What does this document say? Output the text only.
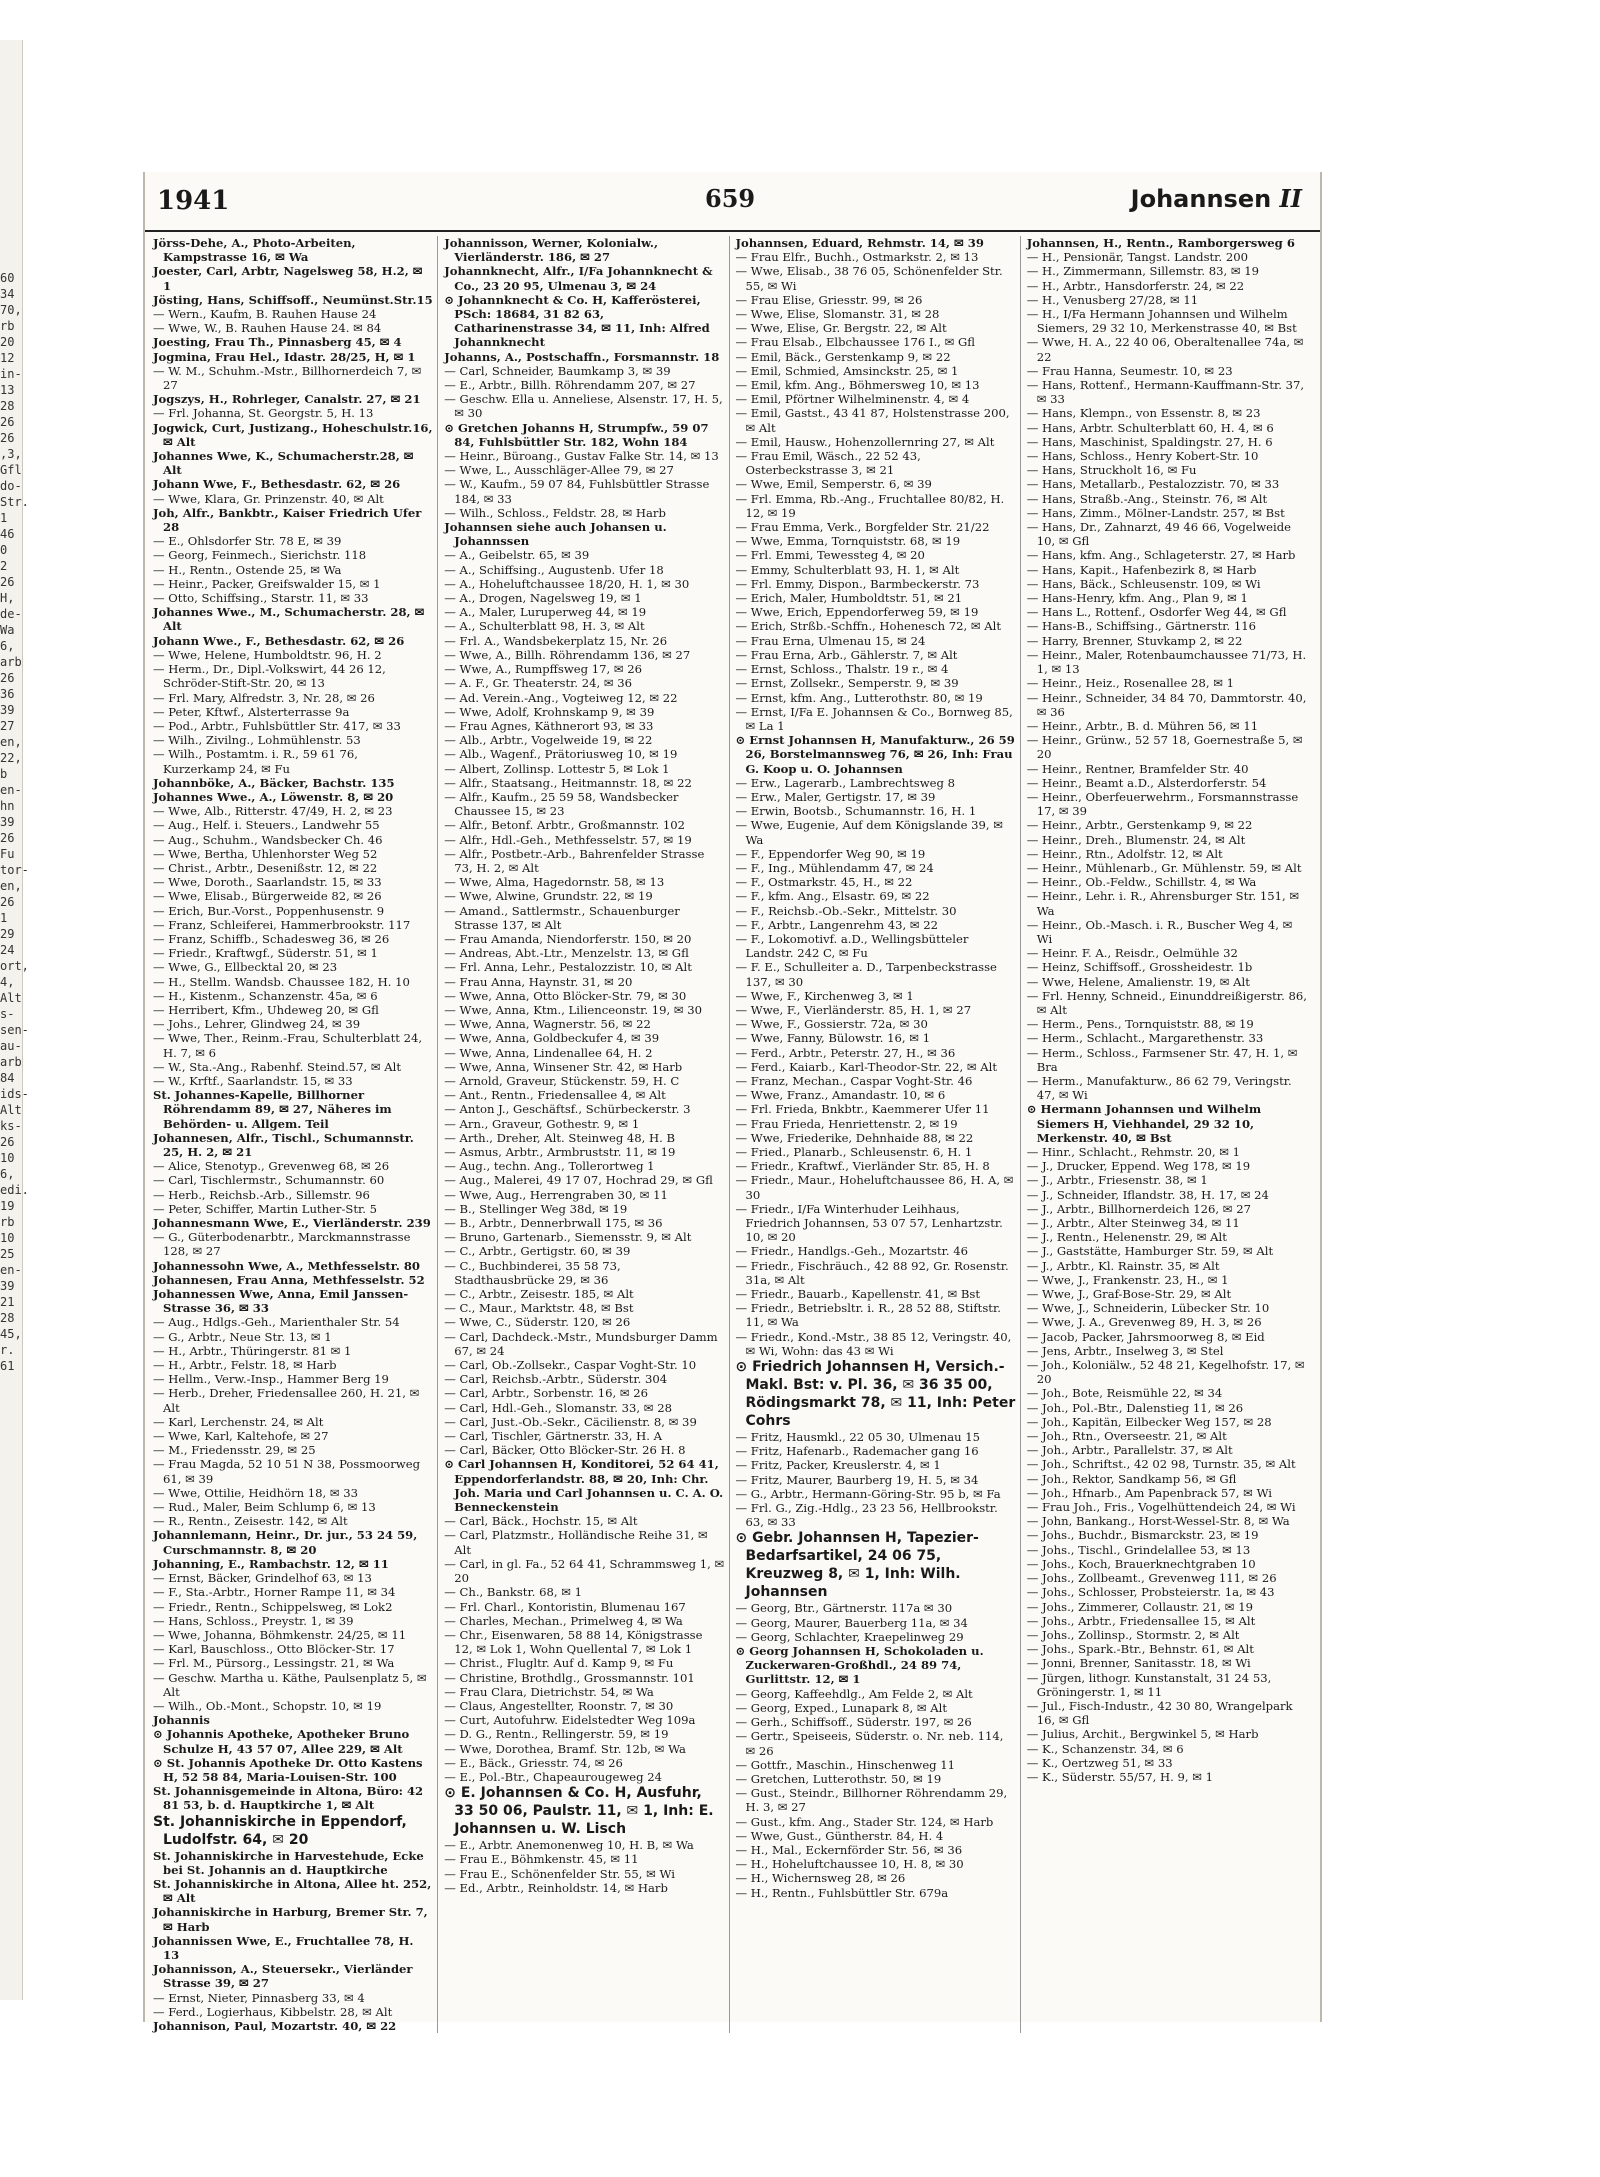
60
34
70,
rb
20
12
in-
13
28
26
26
,3,
Gfl
do-
Str.
1
46
0
2
26
H,
de-
Wa
6,
arb
26
36
39
27
en,
22,
b
en-
hn
39
26
Fu
tor-
en,
26
1
29
24
ort,
4,
Alt
s-
sen-
au-
arb
84
ids-
Alt
ks-
26
10
6,
edi.
19
rb
10
25
en-
39
21
28
45,
r.
61
1941	659	Johannsen II

Jörss-Dehe, A., Photo-Arbeiten, Kampstrasse 16, ✉ Wa

Joester, Carl, Arbtr, Nagelsweg 58, H.2, ✉ 1

Jösting, Hans, Schiffsoff., Neumünst.Str.15

— Wern., Kaufm, B. Rauhen Hause 24

— Wwe, W., B. Rauhen Hause 24. ✉ 84

Joesting, Frau Th., Pinnasberg 45, ✉ 4

Jogmina, Frau Hel., Idastr. 28/25, H, ✉ 1

— W. M., Schuhm.-Mstr., Billhornerdeich 7, ✉ 27

Jogszys, H., Rohrleger, Canalstr. 27, ✉ 21

— Frl. Johanna, St. Georgstr. 5, H. 13

Jogwick, Curt, Justizang., Hoheschulstr.16, ✉ Alt

Johannes Wwe, K., Schumacherstr.28, ✉ Alt

Johann Wwe, F., Bethesdastr. 62, ✉ 26

— Wwe, Klara, Gr. Prinzenstr. 40, ✉ Alt

Joh, Alfr., Bankbtr., Kaiser Friedrich Ufer 28

— E., Ohlsdorfer Str. 78 E, ✉ 39

— Georg, Feinmech., Sierichstr. 118

— H., Rentn., Ostende 25, ✉ Wa

— Heinr., Packer, Greifswalder 15, ✉ 1

— Otto, Schiffsing., Starstr. 11, ✉ 33

Johannes Wwe., M., Schumacherstr. 28, ✉ Alt

Johann Wwe., F., Bethesdastr. 62, ✉ 26

— Wwe, Helene, Humboldtstr. 96, H. 2

— Herm., Dr., Dipl.-Volkswirt, 44 26 12, Schröder-Stift-Str. 20, ✉ 13

— Frl. Mary, Alfredstr. 3, Nr. 28, ✉ 26

— Peter, Kftwf., Alsterterrasse 9a

— Pod., Arbtr., Fuhlsbüttler Str. 417, ✉ 33

— Wilh., Zivilng., Lohmühlenstr. 53

— Wilh., Postamtm. i. R., 59 61 76, Kurzerkamp 24, ✉ Fu

Johannböke, A., Bäcker, Bachstr. 135

Johannes Wwe., A., Löwenstr. 8, ✉ 20

— Wwe, Alb., Ritterstr. 47/49, H. 2, ✉ 23

— Aug., Helf. i. Steuers., Landwehr 55

— Aug., Schuhm., Wandsbecker Ch. 46

— Wwe, Bertha, Uhlenhorster Weg 52

— Christ., Arbtr., Desenißstr. 12, ✉ 22

— Wwe, Doroth., Saarlandstr. 15, ✉ 33

— Wwe, Elisab., Bürgerweide 82, ✉ 26

— Erich, Bur.-Vorst., Poppenhusenstr. 9

— Franz, Schleiferei, Hammerbrookstr. 117

— Franz, Schiffb., Schadesweg 36, ✉ 26

— Friedr., Kraftwgf., Süderstr. 51, ✉ 1

— Wwe, G., Ellbecktal 20, ✉ 23

— H., Stellm. Wandsb. Chaussee 182, H. 10

— H., Kistenm., Schanzenstr. 45a, ✉ 6

— Herribert, Kfm., Uhdeweg 20, ✉ Gfl

— Johs., Lehrer, Glindweg 24, ✉ 39

— Wwe, Ther., Reinm.-Frau, Schulterblatt 24, H. 7, ✉ 6

— W., Sta.-Ang., Rabenhf. Steind.57, ✉ Alt

— W., Krftf., Saarlandstr. 15, ✉ 33

St. Johannes-Kapelle, Billhorner Röhrendamm 89, ✉ 27, Näheres im Behörden- u. Allgem. Teil

Johannesen, Alfr., Tischl., Schumannstr. 25, H. 2, ✉ 21

— Alice, Stenotyp., Grevenweg 68, ✉ 26

— Carl, Tischlermstr., Schumannstr. 60

— Herb., Reichsb.-Arb., Sillemstr. 96

— Peter, Schiffer, Martin Luther-Str. 5

Johannesmann Wwe, E., Vierländerstr. 239

— G., Güterbodenarbtr., Marckmannstrasse 128, ✉ 27

Johannessohn Wwe, A., Methfesselstr. 80

Johannesen, Frau Anna, Methfesselstr. 52

Johannessen Wwe, Anna, Emil Janssen-Strasse 36, ✉ 33

— Aug., Hdlgs.-Geh., Marienthaler Str. 54

— G., Arbtr., Neue Str. 13, ✉ 1

— H., Arbtr., Thüringerstr. 81 ✉ 1

— H., Arbtr., Felstr. 18, ✉ Harb

— Hellm., Verw.-Insp., Hammer Berg 19

— Herb., Dreher, Friedensallee 260, H. 21, ✉ Alt

— Karl, Lerchenstr. 24, ✉ Alt

— Wwe, Karl, Kaltehofe, ✉ 27

— M., Friedensstr. 29, ✉ 25

— Frau Magda, 52 10 51 N 38, Possmoorweg 61, ✉ 39

— Wwe, Ottilie, Heidhörn 18, ✉ 33

— Rud., Maler, Beim Schlump 6, ✉ 13

— R., Rentn., Zeisestr. 142, ✉ Alt

Johannlemann, Heinr., Dr. jur., 53 24 59, Curschmannstr. 8, ✉ 20

Johanning, E., Rambachstr. 12, ✉ 11

— Ernst, Bäcker, Grindelhof 63, ✉ 13

— F., Sta.-Arbtr., Horner Rampe 11, ✉ 34

— Friedr., Rentn., Schippelsweg, ✉ Lok2

— Hans, Schloss., Preystr. 1, ✉ 39

— Wwe, Johanna, Böhmkenstr. 24/25, ✉ 11

— Karl, Bauschloss., Otto Blöcker-Str. 17

— Frl. M., Pürsorg., Lessingstr. 21, ✉ Wa

— Geschw. Martha u. Käthe, Paulsenplatz 5, ✉ Alt

— Wilh., Ob.-Mont., Schopstr. 10, ✉ 19

Johannis

⊙ Johannis Apotheke, Apotheker Bruno Schulze H, 43 57 07, Allee 229, ✉ Alt

⊙ St. Johannis Apotheke Dr. Otto Kastens H, 52 58 84, Maria-Louisen-Str. 100

St. Johannisgemeinde in Altona, Büro: 42 81 53, b. d. Hauptkirche 1, ✉ Alt

St. Johanniskirche in Eppendorf, Ludolfstr. 64, ✉ 20

St. Johanniskirche in Harvestehude, Ecke bei St. Johannis an d. Hauptkirche

St. Johanniskirche in Altona, Allee ht. 252, ✉ Alt

Johanniskirche in Harburg, Bremer Str. 7, ✉ Harb

Johannissen Wwe, E., Fruchtallee 78, H. 13

Johannisson, A., Steuersekr., Vierländer Strasse 39, ✉ 27

— Ernst, Nieter, Pinnasberg 33, ✉ 4

— Ferd., Logierhaus, Kibbelstr. 28, ✉ Alt

Johannison, Paul, Mozartstr. 40, ✉ 22

Johannisson, Werner, Kolonialw., Vierländerstr. 186, ✉ 27

Johannknecht, Alfr., I/Fa Johannknecht & Co., 23 20 95, Ulmenau 3, ✉ 24

⊙ Johannknecht & Co. H, Kafferösterei, PSch: 18684, 31 82 63, Catharinenstrasse 34, ✉ 11, Inh: Alfred Johannknecht

Johanns, A., Postschaffn., Forsmannstr. 18

— Carl, Schneider, Baumkamp 3, ✉ 39

— E., Arbtr., Billh. Röhrendamm 207, ✉ 27

— Geschw. Ella u. Anneliese, Alsenstr. 17, H. 5, ✉ 30

⊙ Gretchen Johanns H, Strumpfw., 59 07 84, Fuhlsbüttler Str. 182, Wohn 184

— Heinr., Büroang., Gustav Falke Str. 14, ✉ 13

— Wwe, L., Ausschläger-Allee 79, ✉ 27

— W., Kaufm., 59 07 84, Fuhlsbüttler Strasse 184, ✉ 33

— Wilh., Schloss., Feldstr. 28, ✉ Harb

Johannsen siehe auch Johansen u. Johannssen

— A., Geibelstr. 65, ✉ 39

— A., Schiffsing., Augustenb. Ufer 18

— A., Hoheluftchaussee 18/20, H. 1, ✉ 30

— A., Drogen, Nagelsweg 19, ✉ 1

— A., Maler, Luruperweg 44, ✉ 19

— A., Schulterblatt 98, H. 3, ✉ Alt

— Frl. A., Wandsbekerplatz 15, Nr. 26

— Wwe, A., Billh. Röhrendamm 136, ✉ 27

— Wwe, A., Rumpffsweg 17, ✉ 26

— A. F., Gr. Theaterstr. 24, ✉ 36

— Ad. Verein.-Ang., Vogteiweg 12, ✉ 22

— Wwe, Adolf, Krohnskamp 9, ✉ 39

— Frau Agnes, Käthnerort 93, ✉ 33

— Alb., Arbtr., Vogelweide 19, ✉ 22

— Alb., Wagenf., Prätoriusweg 10, ✉ 19

— Albert, Zollinsp. Lottestr 5, ✉ Lok 1

— Alfr., Staatsang., Heitmannstr. 18, ✉ 22

— Alfr., Kaufm., 25 59 58, Wandsbecker Chaussee 15, ✉ 23

— Alfr., Betonf. Arbtr., Großmannstr. 102

— Alfr., Hdl.-Geh., Methfesselstr. 57, ✉ 19

— Alfr., Postbetr.-Arb., Bahrenfelder Strasse 73, H. 2, ✉ Alt

— Wwe, Alma, Hagedornstr. 58, ✉ 13

— Wwe, Alwine, Grundstr. 22, ✉ 19

— Amand., Sattlermstr., Schauenburger Strasse 137, ✉ Alt

— Frau Amanda, Niendorferstr. 150, ✉ 20

— Andreas, Abt.-Ltr., Menzelstr. 13, ✉ Gfl

— Frl. Anna, Lehr., Pestalozzistr. 10, ✉ Alt

— Frau Anna, Haynstr. 31, ✉ 20

— Wwe, Anna, Otto Blöcker-Str. 79, ✉ 30

— Wwe, Anna, Ktm., Lilienceonstr. 19, ✉ 30

— Wwe, Anna, Wagnerstr. 56, ✉ 22

— Wwe, Anna, Goldbeckufer 4, ✉ 39

— Wwe, Anna, Lindenallee 64, H. 2

— Wwe, Anna, Winsener Str. 42, ✉ Harb

— Arnold, Graveur, Stückenstr. 59, H. C

— Ant., Rentn., Friedensallee 4, ✉ Alt

— Anton J., Geschäftsf., Schürbeckerstr. 3

— Arn., Graveur, Gothestr. 9, ✉ 1

— Arth., Dreher, Alt. Steinweg 48, H. B

— Asmus, Arbtr., Armbruststr. 11, ✉ 19

— Aug., techn. Ang., Tollerortweg 1

— Aug., Malerei, 49 17 07, Hochrad 29, ✉ Gfl

— Wwe, Aug., Herrengraben 30, ✉ 11

— B., Stellinger Weg 38d, ✉ 19

— B., Arbtr., Dennerbrwall 175, ✉ 36

— Bruno, Gartenarb., Siemensstr. 9, ✉ Alt

— C., Arbtr., Gertigstr. 60, ✉ 39

— C., Buchbinderei, 35 58 73, Stadthausbrücke 29, ✉ 36

— C., Arbtr., Zeisestr. 185, ✉ Alt

— C., Maur., Marktstr. 48, ✉ Bst

— Wwe, C., Süderstr. 120, ✉ 26

— Carl, Dachdeck.-Mstr., Mundsburger Damm 67, ✉ 24

— Carl, Ob.-Zollsekr., Caspar Voght-Str. 10

— Carl, Reichsb.-Arbtr., Süderstr. 304

— Carl, Arbtr., Sorbenstr. 16, ✉ 26

— Carl, Hdl.-Geh., Slomanstr. 33, ✉ 28

— Carl, Just.-Ob.-Sekr., Cäcilienstr. 8, ✉ 39

— Carl, Tischler, Gärtnerstr. 33, H. A

— Carl, Bäcker, Otto Blöcker-Str. 26 H. 8

⊙ Carl Johannsen H, Konditorei, 52 64 41, Eppendorferlandstr. 88, ✉ 20, Inh: Chr. Joh. Maria und Carl Johannsen u. C. A. O. Benneckenstein

— Carl, Bäck., Hochstr. 15, ✉ Alt

— Carl, Platzmstr., Holländische Reihe 31, ✉ Alt

— Carl, in gl. Fa., 52 64 41, Schrammsweg 1, ✉ 20

— Ch., Bankstr. 68, ✉ 1

— Frl. Charl., Kontoristin, Blumenau 167

— Charles, Mechan., Primelweg 4, ✉ Wa

— Chr., Eisenwaren, 58 88 14, Königstrasse 12, ✉ Lok 1, Wohn Quellental 7, ✉ Lok 1

— Christ., Flugltr. Auf d. Kamp 9, ✉ Fu

— Christine, Brothdlg., Grossmannstr. 101

— Frau Clara, Dietrichstr. 54, ✉ Wa

— Claus, Angestellter, Roonstr. 7, ✉ 30

— Curt, Autofuhrw. Eidelstedter Weg 109a

— D. G., Rentn., Rellingerstr. 59, ✉ 19

— Wwe, Dorothea, Bramf. Str. 12b, ✉ Wa

— E., Bäck., Griesstr. 74, ✉ 26

— E., Pol.-Btr., Chapeaurougeweg 24

⊙ E. Johannsen & Co. H, Ausfuhr, 33 50 06, Paulstr. 11, ✉ 1, Inh: E. Johannsen u. W. Lisch

— E., Arbtr. Anemonenweg 10, H. B, ✉ Wa

— Frau E., Böhmkenstr. 45, ✉ 11

— Frau E., Schönenfelder Str. 55, ✉ Wi

— Ed., Arbtr., Reinholdstr. 14, ✉ Harb

Johannsen, Eduard, Rehmstr. 14, ✉ 39

— Frau Elfr., Buchh., Ostmarkstr. 2, ✉ 13

— Wwe, Elisab., 38 76 05, Schönenfelder Str. 55, ✉ Wi

— Frau Elise, Griesstr. 99, ✉ 26

— Wwe, Elise, Slomanstr. 31, ✉ 28

— Wwe, Elise, Gr. Bergstr. 22, ✉ Alt

— Frau Elsab., Elbchaussee 176 I., ✉ Gfl

— Emil, Bäck., Gerstenkamp 9, ✉ 22

— Emil, Schmied, Amsinckstr. 25, ✉ 1

— Emil, kfm. Ang., Böhmersweg 10, ✉ 13

— Emil, Pförtner Wilhelminenstr. 4, ✉ 4

— Emil, Gastst., 43 41 87, Holstenstrasse 200, ✉ Alt

— Emil, Hausw., Hohenzollernring 27, ✉ Alt

— Frau Emil, Wäsch., 22 52 43, Osterbeckstrasse 3, ✉ 21

— Wwe, Emil, Semperstr. 6, ✉ 39

— Frl. Emma, Rb.-Ang., Fruchtallee 80/82, H. 12, ✉ 19

— Frau Emma, Verk., Borgfelder Str. 21/22

— Wwe, Emma, Tornquiststr. 68, ✉ 19

— Frl. Emmi, Tewessteg 4, ✉ 20

— Emmy, Schulterblatt 93, H. 1, ✉ Alt

— Frl. Emmy, Dispon., Barmbeckerstr. 73

— Erich, Maler, Humboldtstr. 51, ✉ 21

— Wwe, Erich, Eppendorferweg 59, ✉ 19

— Erich, Strßb.-Schffn., Hohenesch 72, ✉ Alt

— Frau Erna, Ulmenau 15, ✉ 24

— Frau Erna, Arb., Gählerstr. 7, ✉ Alt

— Ernst, Schloss., Thalstr. 19 r., ✉ 4

— Ernst, Zollsekr., Semperstr. 9, ✉ 39

— Ernst, kfm. Ang., Lutterothstr. 80, ✉ 19

— Ernst, I/Fa E. Johannsen & Co., Bornweg 85, ✉ La 1

⊙ Ernst Johannsen H, Manufakturw., 26 59 26, Borstelmannsweg 76, ✉ 26, Inh: Frau G. Koop u. O. Johannsen

— Erw., Lagerarb., Lambrechtsweg 8

— Erw., Maler, Gertigstr. 17, ✉ 39

— Erwin, Bootsb., Schumannstr. 16, H. 1

— Wwe, Eugenie, Auf dem Königslande 39, ✉ Wa

— F., Eppendorfer Weg 90, ✉ 19

— F., Ing., Mühlendamm 47, ✉ 24

— F., Ostmarkstr. 45, H., ✉ 22

— F., kfm. Ang., Elsastr. 69, ✉ 22

— F., Reichsb.-Ob.-Sekr., Mittelstr. 30

— F., Arbtr., Langenrehm 43, ✉ 22

— F., Lokomotivf. a.D., Wellingsbütteler Landstr. 242 C, ✉ Fu

— F. E., Schulleiter a. D., Tarpenbeckstrasse 137, ✉ 30

— Wwe, F., Kirchenweg 3, ✉ 1

— Wwe, F., Vierländerstr. 85, H. 1, ✉ 27

— Wwe, F., Gossierstr. 72a, ✉ 30

— Wwe, Fanny, Bülowstr. 16, ✉ 1

— Ferd., Arbtr., Peterstr. 27, H., ✉ 36

— Ferd., Kaiarb., Karl-Theodor-Str. 22, ✉ Alt

— Franz, Mechan., Caspar Voght-Str. 46

— Wwe, Franz., Amandastr. 10, ✉ 6

— Frl. Frieda, Bnkbtr., Kaemmerer Ufer 11

— Frau Frieda, Henriettenstr. 2, ✉ 19

— Wwe, Friederike, Dehnhaide 88, ✉ 22

— Fried., Planarb., Schleusenstr. 6, H. 1

— Friedr., Kraftwf., Vierländer Str. 85, H. 8

— Friedr., Maur., Hoheluftchaussee 86, H. A, ✉ 30

— Friedr., I/Fa Winterhuder Leihhaus, Friedrich Johannsen, 53 07 57, Lenhartzstr. 10, ✉ 20

— Friedr., Handlgs.-Geh., Mozartstr. 46

— Friedr., Fischräuch., 42 88 92, Gr. Rosenstr. 31a, ✉ Alt

— Friedr., Bauarb., Kapellenstr. 41, ✉ Bst

— Friedr., Betriebsltr. i. R., 28 52 88, Stiftstr. 11, ✉ Wa

— Friedr., Kond.-Mstr., 38 85 12, Veringstr. 40, ✉ Wi, Wohn: das 43 ✉ Wi

⊙ Friedrich Johannsen H, Versich.-Makl. Bst: v. Pl. 36, ✉ 36 35 00, Rödingsmarkt 78, ✉ 11, Inh: Peter Cohrs

— Fritz, Hausmkl., 22 05 30, Ulmenau 15

— Fritz, Hafenarb., Rademacher gang 16

— Fritz, Packer, Kreuslerstr. 4, ✉ 1

— Fritz, Maurer, Baurberg 19, H. 5, ✉ 34

— G., Arbtr., Hermann-Göring-Str. 95 b, ✉ Fa

— Frl. G., Zig.-Hdlg., 23 23 56, Hellbrookstr. 63, ✉ 33

⊙ Gebr. Johannsen H, Tapezier-Bedarfsartikel, 24 06 75, Kreuzweg 8, ✉ 1, Inh: Wilh. Johannsen

— Georg, Btr., Gärtnerstr. 117a ✉ 30

— Georg, Maurer, Bauerberg 11a, ✉ 34

— Georg, Schlachter, Kraepelinweg 29

⊙ Georg Johannsen H, Schokoladen u. Zuckerwaren-Großhdl., 24 89 74, Gurlittstr. 12, ✉ 1

— Georg, Kaffeehdlg., Am Felde 2, ✉ Alt

— Georg, Exped., Lunapark 8, ✉ Alt

— Gerh., Schiffsoff., Süderstr. 197, ✉ 26

— Gertr., Speiseeis, Süderstr. o. Nr. neb. 114, ✉ 26

— Gottfr., Maschin., Hinschenweg 11

— Gretchen, Lutterothstr. 50, ✉ 19

— Gust., Steindr., Billhorner Röhrendamm 29, H. 3, ✉ 27

— Gust., kfm. Ang., Stader Str. 124, ✉ Harb

— Wwe, Gust., Güntherstr. 84, H. 4

— H., Mal., Eckernförder Str. 56, ✉ 36

— H., Hoheluftchaussee 10, H. 8, ✉ 30

— H., Wichernsweg 28, ✉ 26

— H., Rentn., Fuhlsbüttler Str. 679a

Johannsen, H., Rentn., Ramborgersweg 6

— H., Pensionär, Tangst. Landstr. 200

— H., Zimmermann, Sillemstr. 83, ✉ 19

— H., Arbtr., Hansdorferstr. 24, ✉ 22

— H., Venusberg 27/28, ✉ 11

— H., I/Fa Hermann Johannsen und Wilhelm Siemers, 29 32 10, Merkenstrasse 40, ✉ Bst

— Wwe, H. A., 22 40 06, Oberaltenallee 74a, ✉ 22

— Frau Hanna, Seumestr. 10, ✉ 23

— Hans, Rottenf., Hermann-Kauffmann-Str. 37, ✉ 33

— Hans, Klempn., von Essenstr. 8, ✉ 23

— Hans, Arbtr. Schulterblatt 60, H. 4, ✉ 6

— Hans, Maschinist, Spaldingstr. 27, H. 6

— Hans, Schloss., Henry Kobert-Str. 10

— Hans, Struckholt 16, ✉ Fu

— Hans, Metallarb., Pestalozzistr. 70, ✉ 33

— Hans, Straßb.-Ang., Steinstr. 76, ✉ Alt

— Hans, Zimm., Mölner-Landstr. 257, ✉ Bst

— Hans, Dr., Zahnarzt, 49 46 66, Vogelweide 10, ✉ Gfl

— Hans, kfm. Ang., Schlageterstr. 27, ✉ Harb

— Hans, Kapit., Hafenbezirk 8, ✉ Harb

— Hans, Bäck., Schleusenstr. 109, ✉ Wi

— Hans-Henry, kfm. Ang., Plan 9, ✉ 1

— Hans L., Rottenf., Osdorfer Weg 44, ✉ Gfl

— Hans-B., Schiffsing., Gärtnerstr. 116

— Harry, Brenner, Stuvkamp 2, ✉ 22

— Heinr., Maler, Rotenbaumchaussee 71/73, H. 1, ✉ 13

— Heinr., Heiz., Rosenallee 28, ✉ 1

— Heinr., Schneider, 34 84 70, Dammtorstr. 40, ✉ 36

— Heinr., Arbtr., B. d. Mühren 56, ✉ 11

— Heinr., Grünw., 52 57 18, Goernestraße 5, ✉ 20

— Heinr., Rentner, Bramfelder Str. 40

— Heinr., Beamt a.D., Alsterdorferstr. 54

— Heinr., Oberfeuerwehrm., Forsmannstrasse 17, ✉ 39

— Heinr., Arbtr., Gerstenkamp 9, ✉ 22

— Heinr., Dreh., Blumenstr. 24, ✉ Alt

— Heinr., Rtn., Adolfstr. 12, ✉ Alt

— Heinr., Mühlenarb., Gr. Mühlenstr. 59, ✉ Alt

— Heinr., Ob.-Feldw., Schillstr. 4, ✉ Wa

— Heinr., Lehr. i. R., Ahrensburger Str. 151, ✉ Wa

— Heinr., Ob.-Masch. i. R., Buscher Weg 4, ✉ Wi

— Heinr. F. A., Reisdr., Oelmühle 32

— Heinz, Schiffsoff., Grossheidestr. 1b

— Wwe, Helene, Amalienstr. 19, ✉ Alt

— Frl. Henny, Schneid., Einunddreißigerstr. 86, ✉ Alt

— Herm., Pens., Tornquiststr. 88, ✉ 19

— Herm., Schlacht., Margarethenstr. 33

— Herm., Schloss., Farmsener Str. 47, H. 1, ✉ Bra

— Herm., Manufakturw., 86 62 79, Veringstr. 47, ✉ Wi

⊙ Hermann Johannsen und Wilhelm Siemers H, Viehhandel, 29 32 10, Merkenstr. 40, ✉ Bst

— Hinr., Schlacht., Rehmstr. 20, ✉ 1

— J., Drucker, Eppend. Weg 178, ✉ 19

— J., Arbtr., Friesenstr. 38, ✉ 1

— J., Schneider, Iflandstr. 38, H. 17, ✉ 24

— J., Arbtr., Billhornerdeich 126, ✉ 27

— J., Arbtr., Alter Steinweg 34, ✉ 11

— J., Rentn., Helenenstr. 29, ✉ Alt

— J., Gaststätte, Hamburger Str. 59, ✉ Alt

— J., Arbtr., Kl. Rainstr. 35, ✉ Alt

— Wwe, J., Frankenstr. 23, H., ✉ 1

— Wwe, J., Graf-Bose-Str. 29, ✉ Alt

— Wwe, J., Schneiderin, Lübecker Str. 10

— Wwe, J. A., Grevenweg 89, H. 3, ✉ 26

— Jacob, Packer, Jahrsmoorweg 8, ✉ Eid

— Jens, Arbtr., Inselweg 3, ✉ Stel

— Joh., Koloniälw., 52 48 21, Kegelhofstr. 17, ✉ 20

— Joh., Bote, Reismühle 22, ✉ 34

— Joh., Pol.-Btr., Dalenstieg 11, ✉ 26

— Joh., Kapitän, Eilbecker Weg 157, ✉ 28

— Joh., Rtn., Overseestr. 21, ✉ Alt

— Joh., Arbtr., Parallelstr. 37, ✉ Alt

— Joh., Schriftst., 42 02 98, Turnstr. 35, ✉ Alt

— Joh., Rektor, Sandkamp 56, ✉ Gfl

— Joh., Hfnarb., Am Papenbrack 57, ✉ Wi

— Frau Joh., Fris., Vogelhüttendeich 24, ✉ Wi

— John, Bankang., Horst-Wessel-Str. 8, ✉ Wa

— Johs., Buchdr., Bismarckstr. 23, ✉ 19

— Johs., Tischl., Grindelallee 53, ✉ 13

— Johs., Koch, Brauerknechtgraben 10

— Johs., Zollbeamt., Grevenweg 111, ✉ 26

— Johs., Schlosser, Probsteierstr. 1a, ✉ 43

— Johs., Zimmerer, Collaustr. 21, ✉ 19

— Johs., Arbtr., Friedensallee 15, ✉ Alt

— Johs., Zollinsp., Stormstr. 2, ✉ Alt

— Johs., Spark.-Btr., Behnstr. 61, ✉ Alt

— Jonni, Brenner, Sanitasstr. 18, ✉ Wi

— Jürgen, lithogr. Kunstanstalt, 31 24 53, Gröningerstr. 1, ✉ 11

— Jul., Fisch-Industr., 42 30 80, Wrangelpark 16, ✉ Gfl

— Julius, Archit., Bergwinkel 5, ✉ Harb

— K., Schanzenstr. 34, ✉ 6

— K., Oertzweg 51, ✉ 33

— K., Süderstr. 55/57, H. 9, ✉ 1
